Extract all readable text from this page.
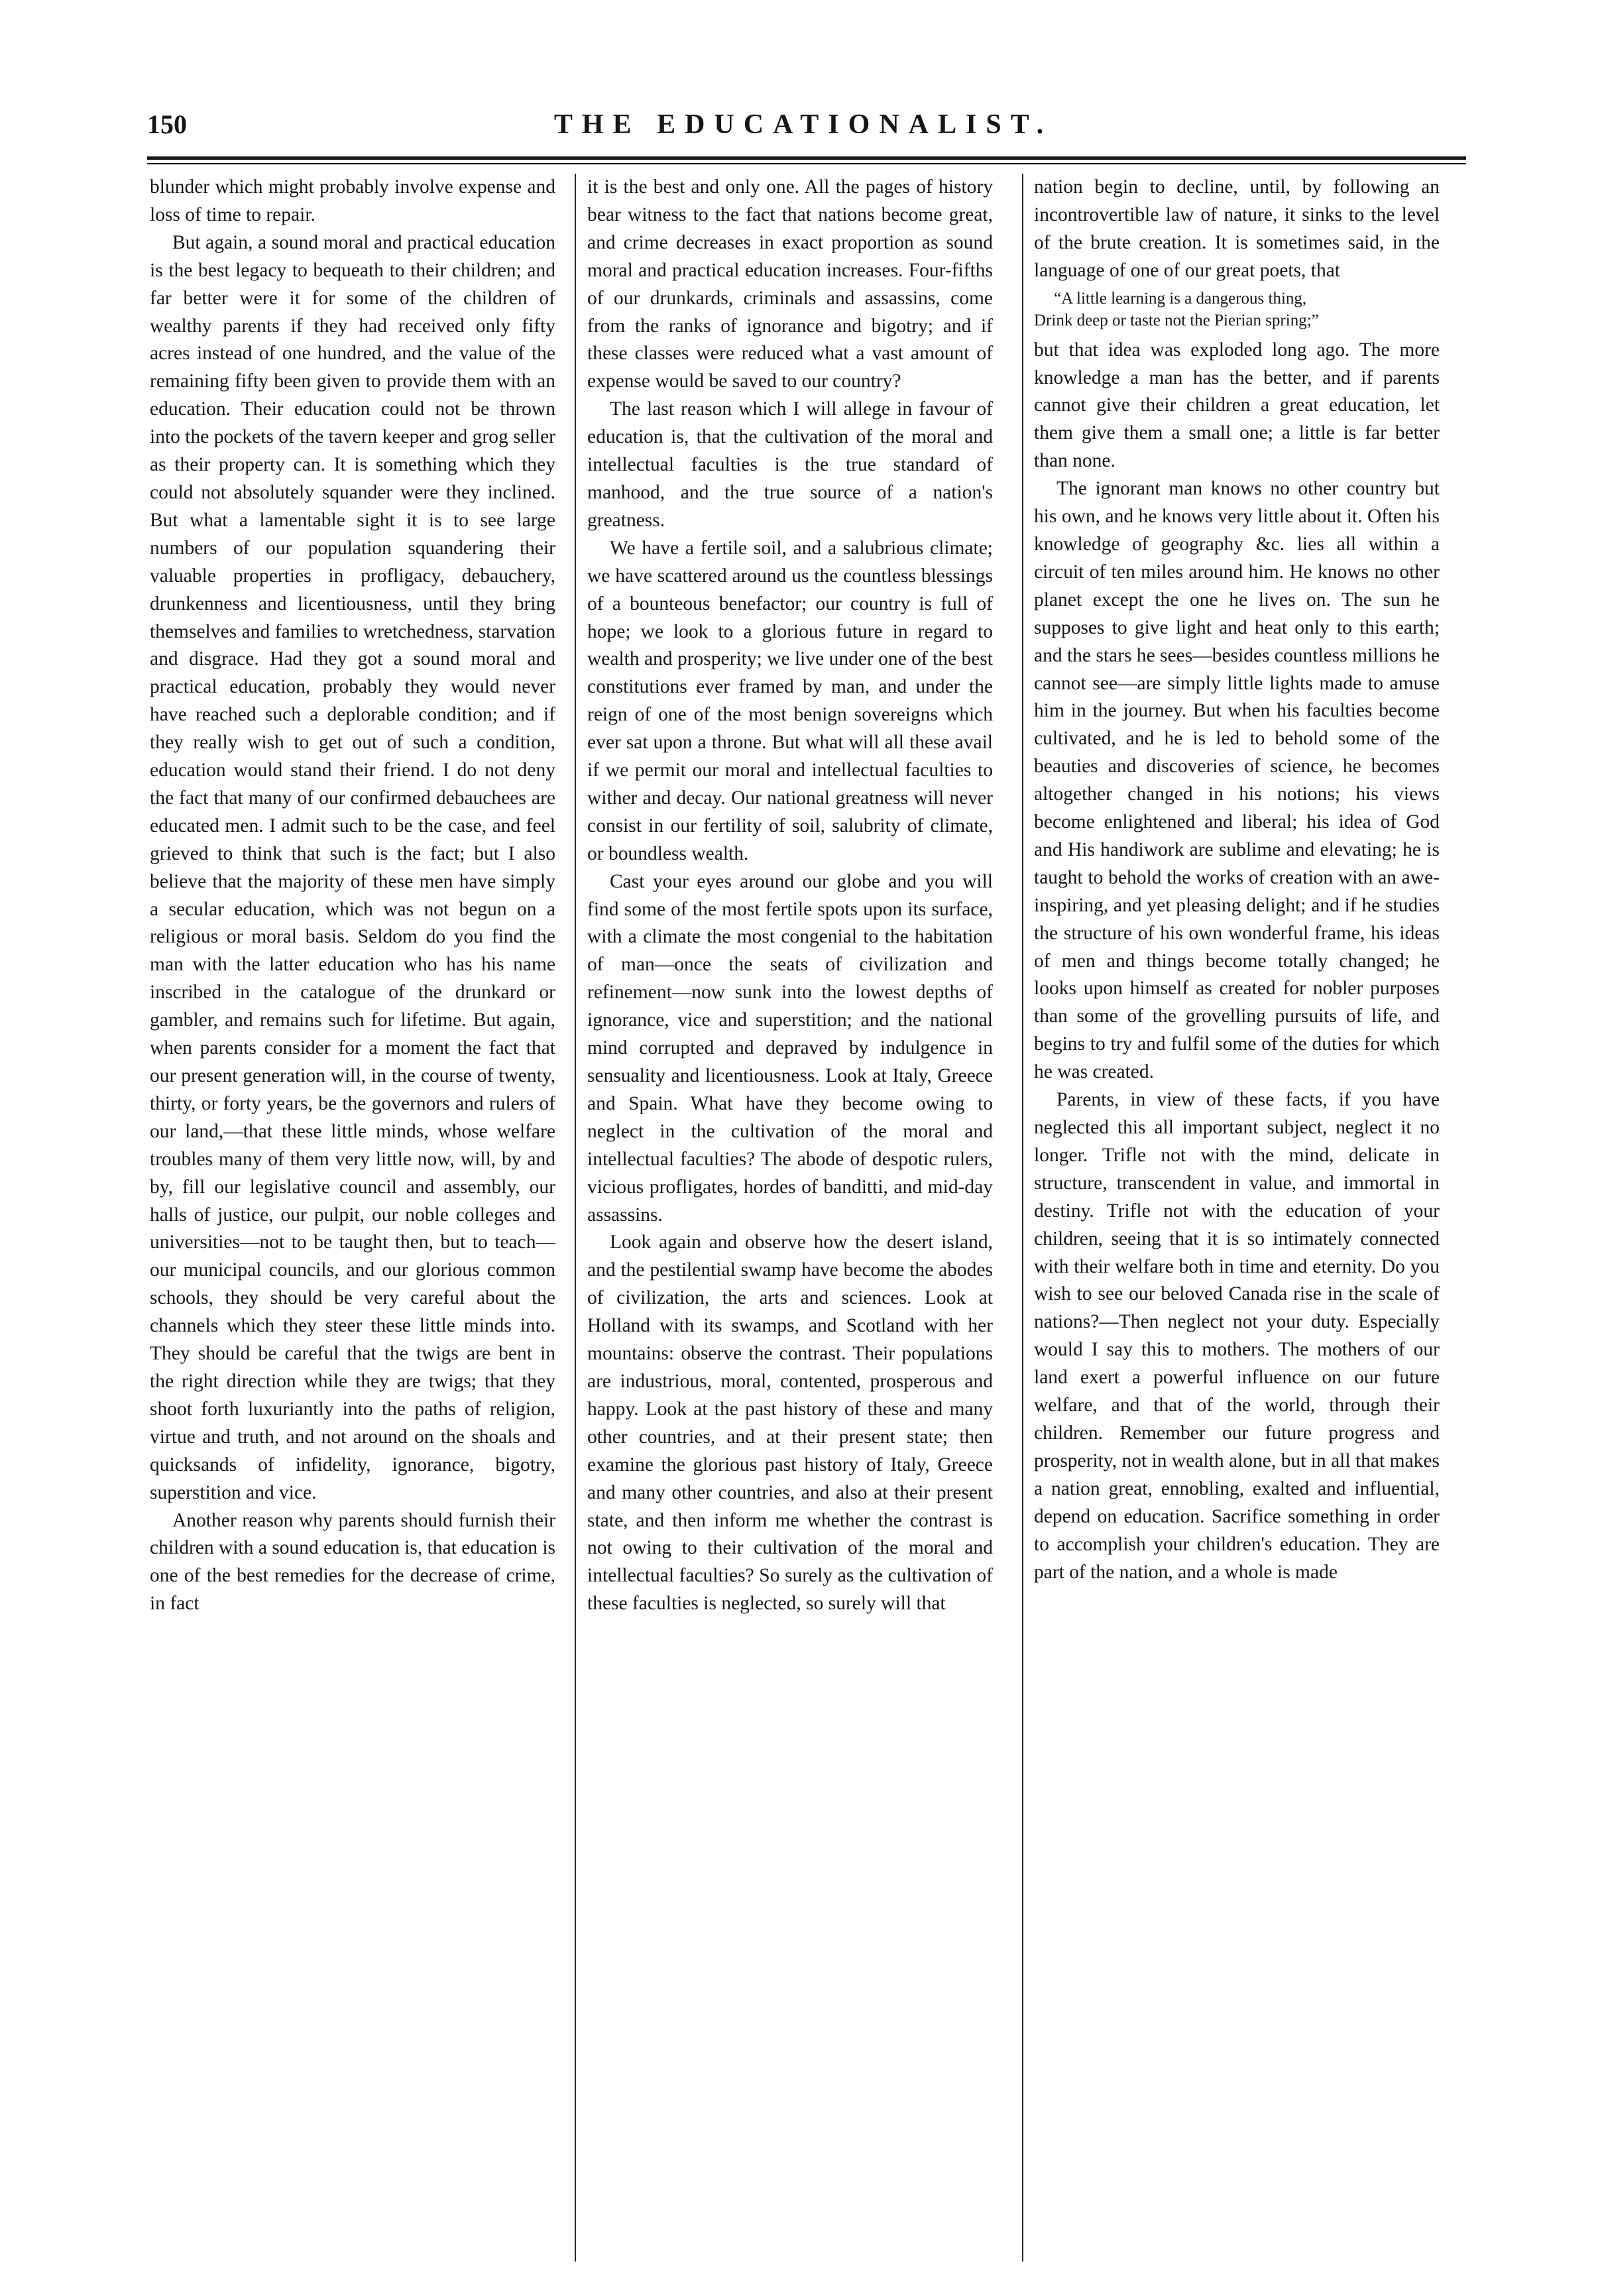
150	THE EDUCATIONALIST.

blunder which might probably involve expense and loss of time to repair.

But again, a sound moral and practical education is the best legacy to bequeath to their children; and far better were it for some of the children of wealthy parents if they had received only fifty acres instead of one hundred, and the value of the remaining fifty been given to provide them with an education. Their education could not be thrown into the pockets of the tavern keeper and grog seller as their property can. It is something which they could not absolutely squander were they inclined. But what a lamentable sight it is to see large numbers of our population squandering their valuable properties in profligacy, debauchery, drunkenness and licentiousness, until they bring themselves and families to wretchedness, starvation and disgrace. Had they got a sound moral and practical education, probably they would never have reached such a deplorable condition; and if they really wish to get out of such a condition, education would stand their friend. I do not deny the fact that many of our confirmed debauchees are educated men. I admit such to be the case, and feel grieved to think that such is the fact; but I also believe that the majority of these men have simply a secular education, which was not begun on a religious or moral basis. Seldom do you find the man with the latter education who has his name inscribed in the catalogue of the drunkard or gambler, and remains such for lifetime. But again, when parents consider for a moment the fact that our present generation will, in the course of twenty, thirty, or forty years, be the governors and rulers of our land,—that these little minds, whose welfare troubles many of them very little now, will, by and by, fill our legislative council and assembly, our halls of justice, our pulpit, our noble colleges and universities—not to be taught then, but to teach—our municipal councils, and our glorious common schools, they should be very careful about the channels which they steer these little minds into. They should be careful that the twigs are bent in the right direction while they are twigs; that they shoot forth luxuriantly into the paths of religion, virtue and truth, and not around on the shoals and quicksands of infidelity, ignorance, bigotry, superstition and vice.

Another reason why parents should furnish their children with a sound education is, that education is one of the best remedies for the decrease of crime, in fact

it is the best and only one. All the pages of history bear witness to the fact that nations become great, and crime decreases in exact proportion as sound moral and practical education increases. Four-fifths of our drunkards, criminals and assassins, come from the ranks of ignorance and bigotry; and if these classes were reduced what a vast amount of expense would be saved to our country?

The last reason which I will allege in favour of education is, that the cultivation of the moral and intellectual faculties is the true standard of manhood, and the true source of a nation's greatness.

We have a fertile soil, and a salubrious climate; we have scattered around us the countless blessings of a bounteous benefactor; our country is full of hope; we look to a glorious future in regard to wealth and prosperity; we live under one of the best constitutions ever framed by man, and under the reign of one of the most benign sovereigns which ever sat upon a throne. But what will all these avail if we permit our moral and intellectual faculties to wither and decay. Our national greatness will never consist in our fertility of soil, salubrity of climate, or boundless wealth.

Cast your eyes around our globe and you will find some of the most fertile spots upon its surface, with a climate the most congenial to the habitation of man—once the seats of civilization and refinement—now sunk into the lowest depths of ignorance, vice and superstition; and the national mind corrupted and depraved by indulgence in sensuality and licentiousness. Look at Italy, Greece and Spain. What have they become owing to neglect in the cultivation of the moral and intellectual faculties? The abode of despotic rulers, vicious profligates, hordes of banditti, and mid-day assassins.

Look again and observe how the desert island, and the pestilential swamp have become the abodes of civilization, the arts and sciences. Look at Holland with its swamps, and Scotland with her mountains: observe the contrast. Their populations are industrious, moral, contented, prosperous and happy. Look at the past history of these and many other countries, and at their present state; then examine the glorious past history of Italy, Greece and many other countries, and also at their present state, and then inform me whether the contrast is not owing to their cultivation of the moral and intellectual faculties? So surely as the cultivation of these faculties is neglected, so surely will that

nation begin to decline, until, by following an incontrovertible law of nature, it sinks to the level of the brute creation. It is sometimes said, in the language of one of our great poets, that

“A little learning is a dangerous thing,
Drink deep or taste not the Pierian spring;”

but that idea was exploded long ago. The more knowledge a man has the better, and if parents cannot give their children a great education, let them give them a small one; a little is far better than none.

The ignorant man knows no other country but his own, and he knows very little about it. Often his knowledge of geography &c. lies all within a circuit of ten miles around him. He knows no other planet except the one he lives on. The sun he supposes to give light and heat only to this earth; and the stars he sees—besides countless millions he cannot see—are simply little lights made to amuse him in the journey. But when his faculties become cultivated, and he is led to behold some of the beauties and discoveries of science, he becomes altogether changed in his notions; his views become enlightened and liberal; his idea of God and His handiwork are sublime and elevating; he is taught to behold the works of creation with an awe-inspiring, and yet pleasing delight; and if he studies the structure of his own wonderful frame, his ideas of men and things become totally changed; he looks upon himself as created for nobler purposes than some of the grovelling pursuits of life, and begins to try and fulfil some of the duties for which he was created.

Parents, in view of these facts, if you have neglected this all important subject, neglect it no longer. Trifle not with the mind, delicate in structure, transcendent in value, and immortal in destiny. Trifle not with the education of your children, seeing that it is so intimately connected with their welfare both in time and eternity. Do you wish to see our beloved Canada rise in the scale of nations?—Then neglect not your duty. Especially would I say this to mothers. The mothers of our land exert a powerful influence on our future welfare, and that of the world, through their children. Remember our future progress and prosperity, not in wealth alone, but in all that makes a nation great, ennobling, exalted and influential, depend on education. Sacrifice something in order to accomplish your children's education. They are part of the nation, and a whole is made
